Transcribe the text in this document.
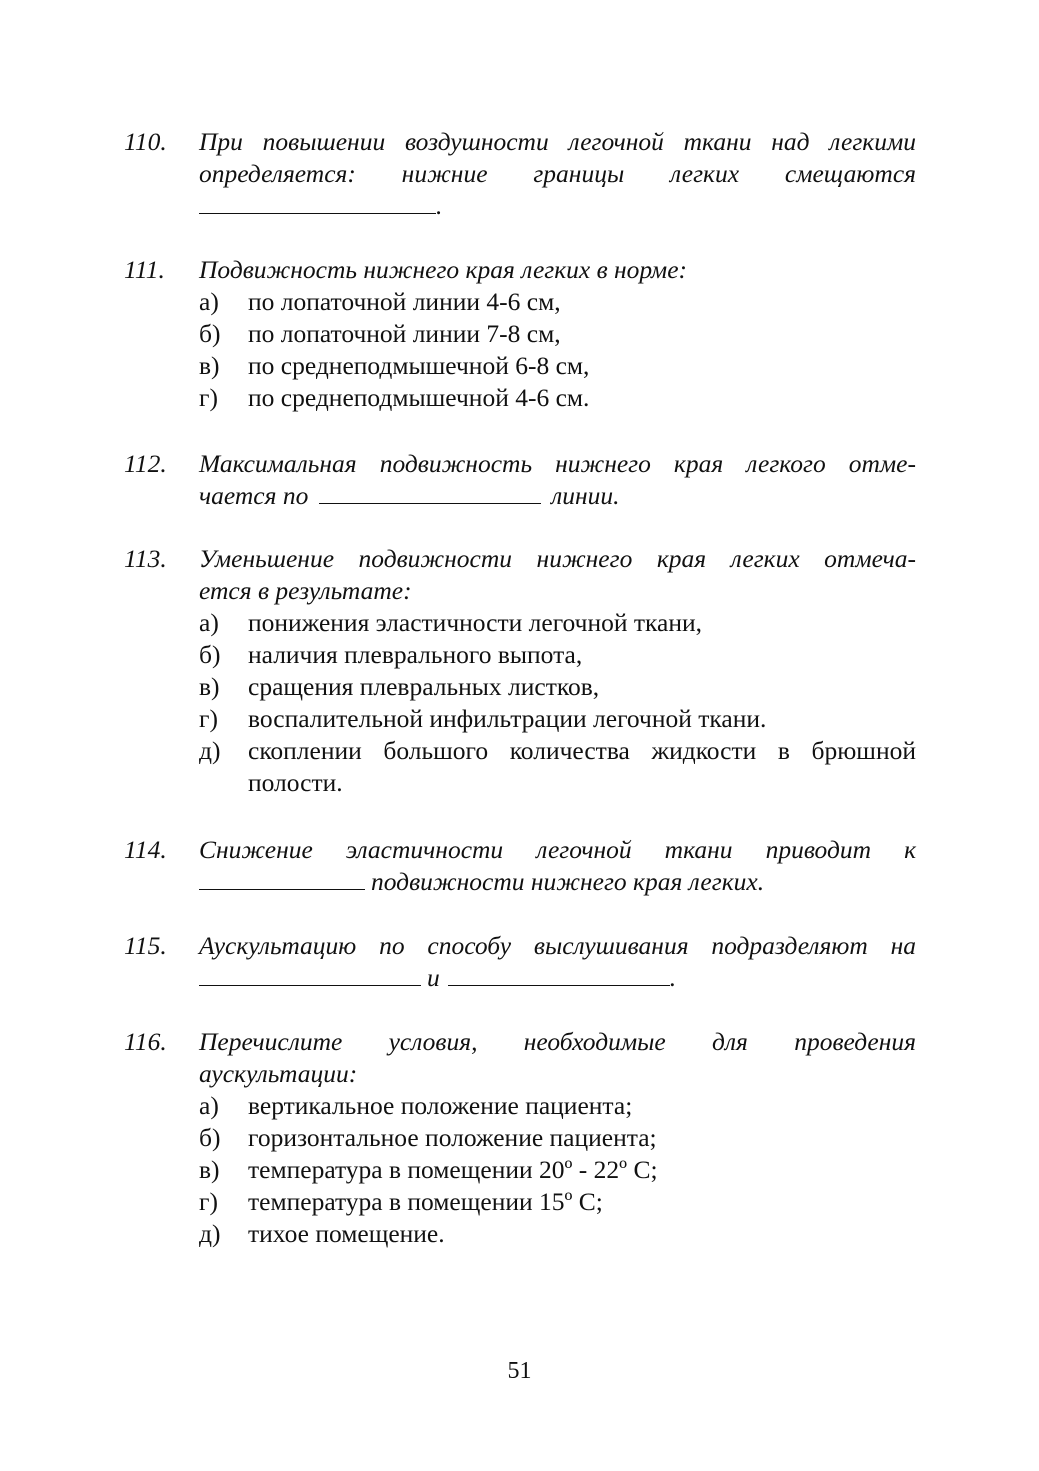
110. При повышении воздушности легочной ткани над легкими
определяется: нижние границы легких смещаются
.
111. Подвижность нижнего края легких в норме:
а) по лопаточной линии 4-6 см,
б) по лопаточной линии 7-8 см,
в) по среднеподмышечной 6-8 см,
г) по среднеподмышечной 4-6 см.
112. Максимальная подвижность нижнего края легкого отме-
чается по	линии.
113. Уменьшение подвижности нижнего края легких отмеча-
ется в результате:
а) понижения эластичности легочной ткани,
б) наличия плеврального выпота,
в) сращения плевральных листков,
г) воспалительной инфильтрации легочной ткани.
д) скоплении большого количества жидкости в брюшной полости.
114. Снижение эластичности легочной ткани приводит к
подвижности нижнего края легких.
115. Аускультацию по способу выслушивания подразделяют на
и	.
116. Перечислите условия, необходимые для проведения
аускультации:
а) вертикальное положение пациента;
б) горизонтальное положение пациента;
в) температура в помещении 20º - 22º С;
г) температура в помещении 15º С;
д) тихое помещение.
51
